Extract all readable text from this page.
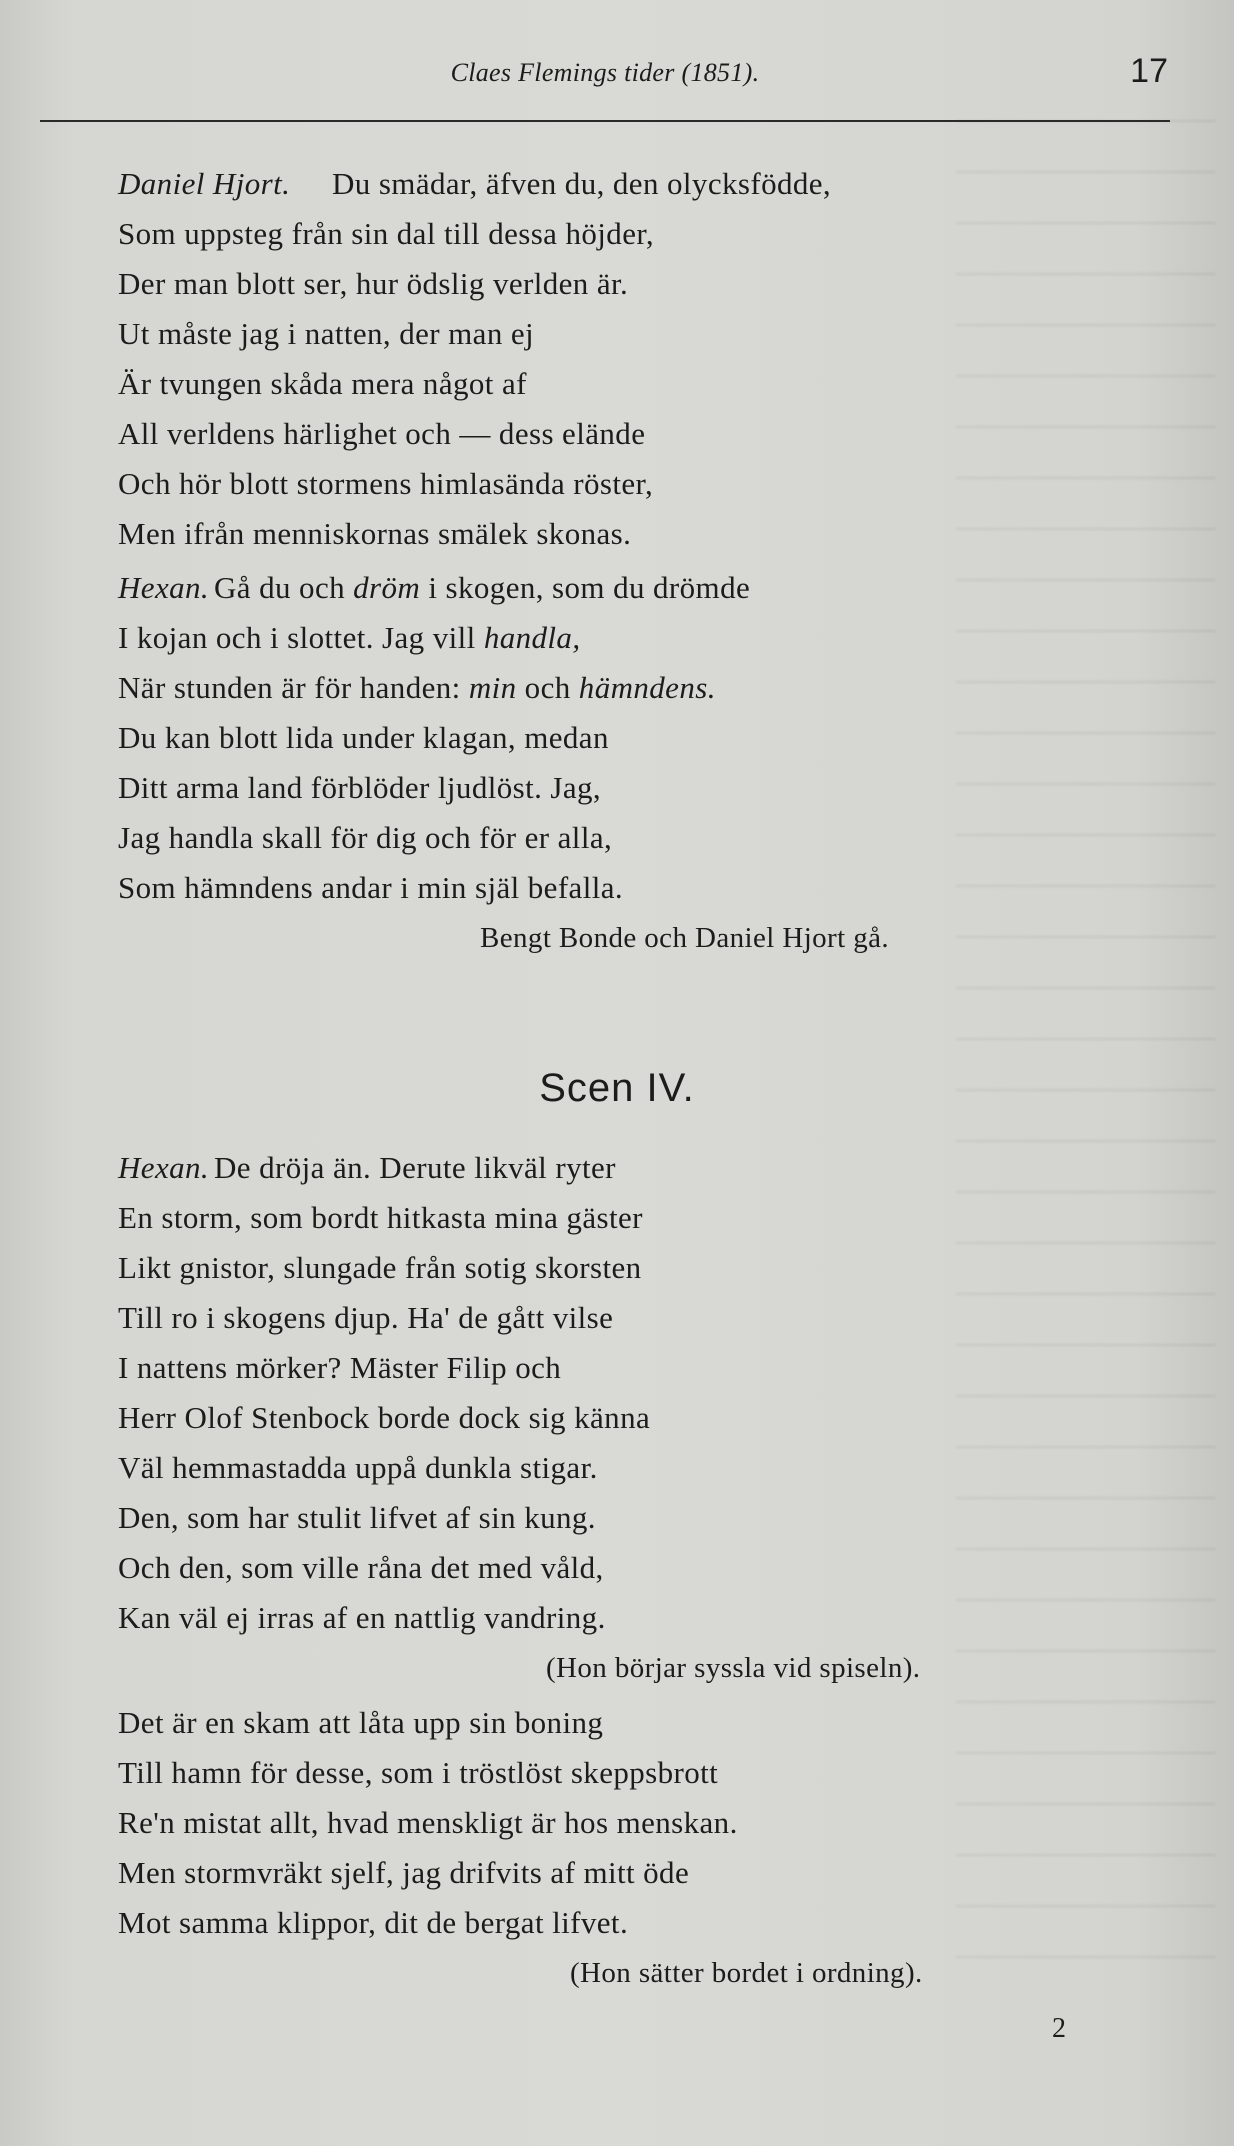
Claes Flemings tider (1851).	17
Daniel Hjort. Du smädar, äfven du, den olycksfödde,
Som uppsteg från sin dal till dessa höjder,
Der man blott ser, hur ödslig verlden är.
Ut måste jag i natten, der man ej
Är tvungen skåda mera något af
All verldens härlighet och — dess elände
Och hör blott stormens himlasända röster,
Men ifrån menniskornas smälek skonas.
Hexan. Gå du och dröm i skogen, som du drömde
I kojan och i slottet. Jag vill handla,
När stunden är för handen: min och hämndens.
Du kan blott lida under klagan, medan
Ditt arma land förblöder ljudlöst. Jag,
Jag handla skall för dig och för er alla,
Som hämndens andar i min själ befalla.
Bengt Bonde och Daniel Hjort gå.
Scen IV.
Hexan. De dröja än. Derute likväl ryter
En storm, som bordt hitkasta mina gäster
Likt gnistor, slungade från sotig skorsten
Till ro i skogens djup. Ha' de gått vilse
I nattens mörker? Mäster Filip och
Herr Olof Stenbock borde dock sig känna
Väl hemmastadda uppå dunkla stigar.
Den, som har stulit lifvet af sin kung.
Och den, som ville råna det med våld,
Kan väl ej irras af en nattlig vandring.
(Hon börjar syssla vid spiseln).
Det är en skam att låta upp sin boning
Till hamn för desse, som i tröstlöst skeppsbrott
Re'n mistat allt, hvad menskligt är hos menskan.
Men stormvräkt sjelf, jag drifvits af mitt öde
Mot samma klippor, dit de bergat lifvet.
(Hon sätter bordet i ordning).
2
